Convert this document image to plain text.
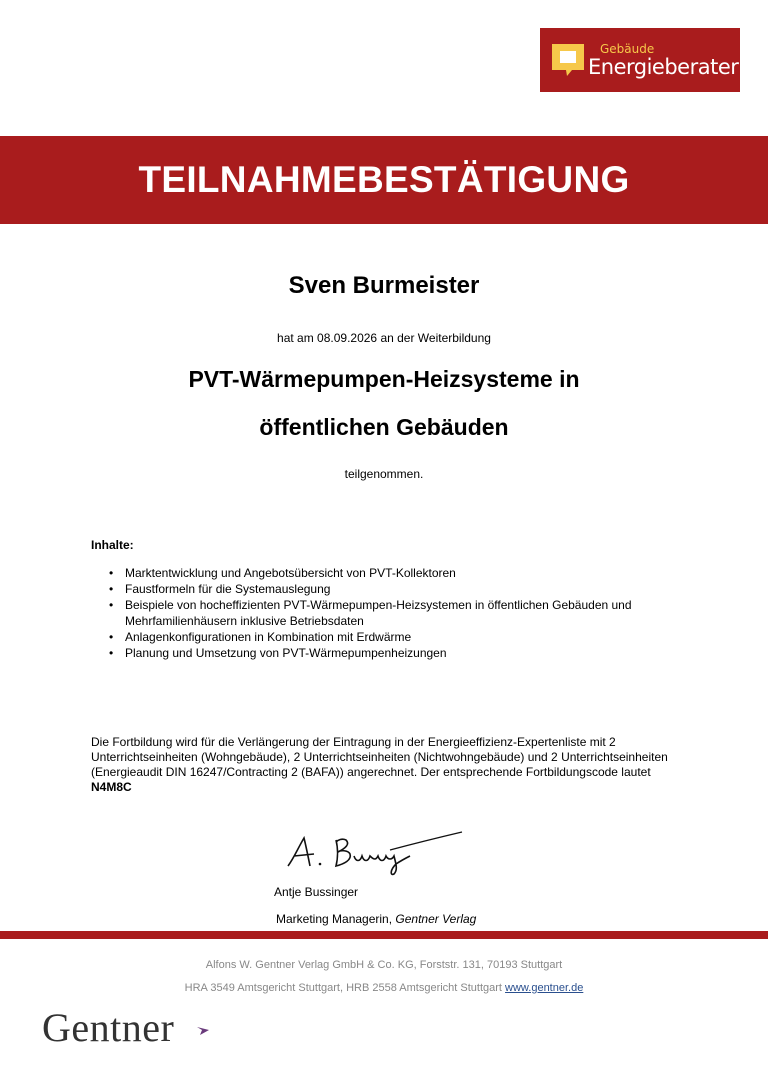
Gebäude
Energieberater
TEILNAHMEBESTÄTIGUNG
Sven Burmeister
hat am 08.09.2026 an der Weiterbildung
PVT-Wärmepumpen-Heizsysteme in
öffentlichen Gebäuden
teilgenommen.
Inhalte:
• Marktentwicklung und Angebotsübersicht von PVT-Kollektoren
• Faustformeln für die Systemauslegung
• Beispiele von hocheffizienten PVT-Wärmepumpen-Heizsystemen in öffentlichen Gebäuden und Mehrfamilienhäusern inklusive Betriebsdaten
• Anlagenkonfigurationen in Kombination mit Erdwärme
• Planung und Umsetzung von PVT-Wärmepumpenheizungen
Die Fortbildung wird für die Verlängerung der Eintragung in der Energieeffizienz-Expertenliste mit 2 Unterrichtseinheiten (Wohngebäude), 2 Unterrichtseinheiten (Nichtwohngebäude) und 2 Unterrichtseinheiten (Energieaudit DIN 16247/Contracting 2 (BAFA)) angerechnet. Der entsprechende Fortbildungscode lautet N4M8C
Antje Bussinger
Marketing Managerin, Gentner Verlag
Alfons W. Gentner Verlag GmbH & Co. KG, Forststr. 131, 70193 Stuttgart
HRA 3549 Amtsgericht Stuttgart, HRB 2558 Amtsgericht Stuttgart www.gentner.de
Gentner
